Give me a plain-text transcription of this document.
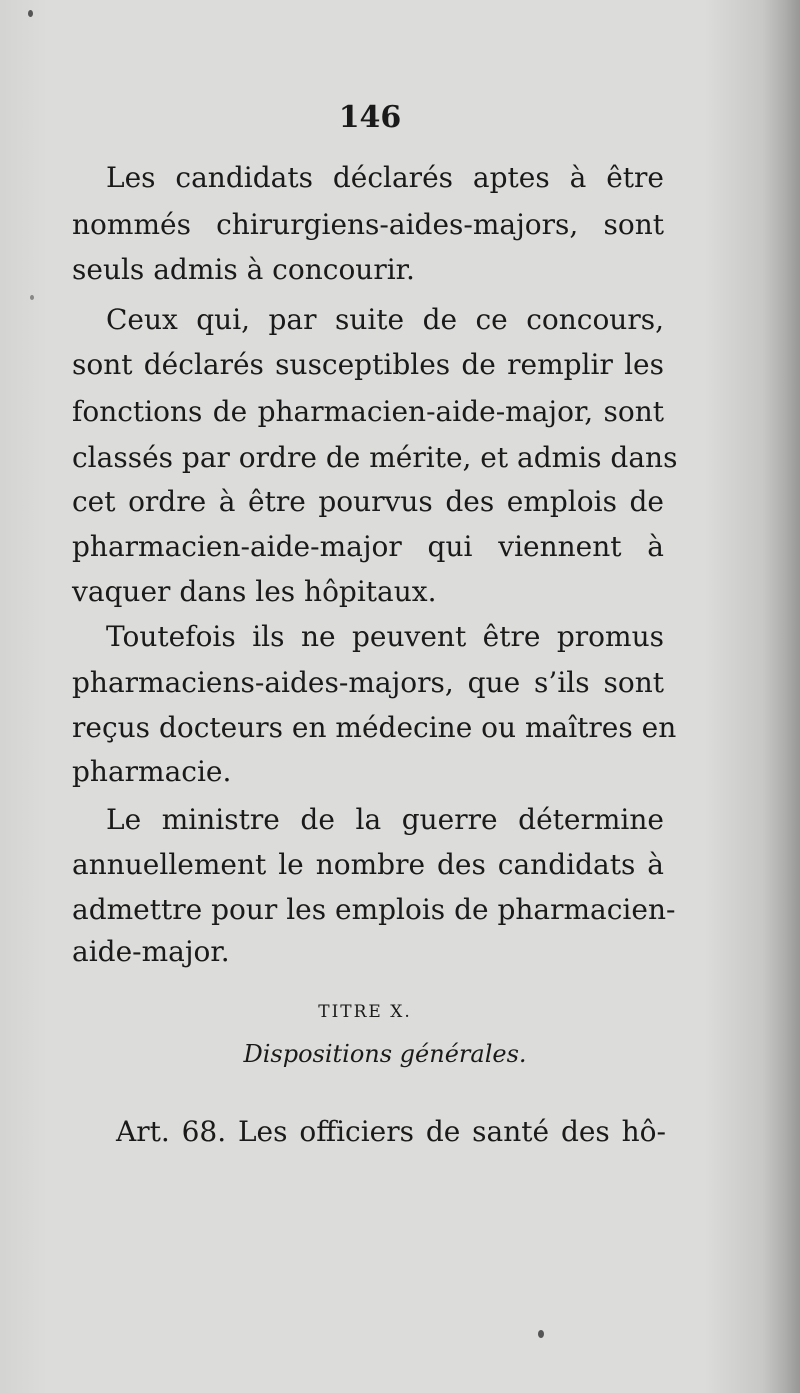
146
Les candidats déclarés aptes à être
nommés chirurgiens-aides-majors, sont
seuls admis à concourir.
Ceux qui, par suite de ce concours,
sont déclarés susceptibles de remplir les
fonctions de pharmacien-aide-major, sont
classés par ordre de mérite, et admis dans
cet ordre à être pourvus des emplois de
pharmacien-aide-major qui viennent à
vaquer dans les hôpitaux.
Toutefois ils ne peuvent être promus
pharmaciens-aides-majors, que s’ils sont
reçus docteurs en médecine ou maîtres en
pharmacie.
Le ministre de la guerre détermine
annuellement le nombre des candidats à
admettre pour les emplois de pharmacien-
aide-major.
TITRE X.
Dispositions générales.
Art. 68. Les officiers de santé des hô-
